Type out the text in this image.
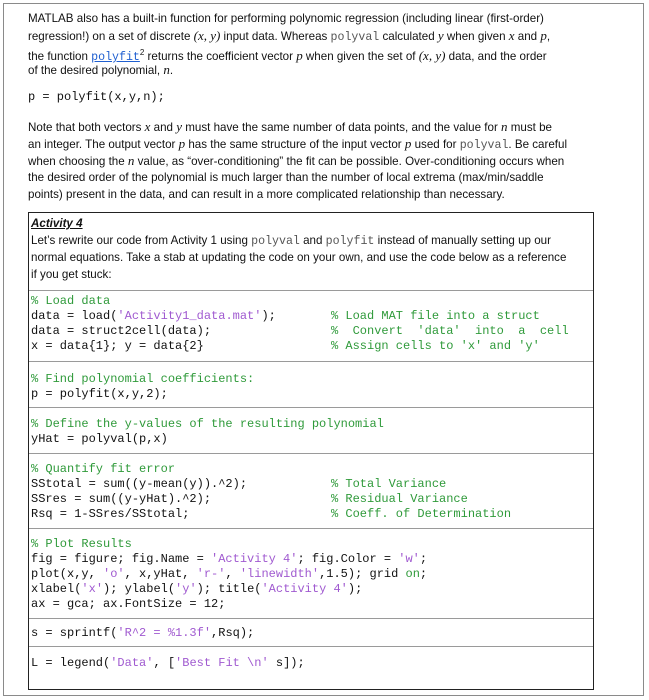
MATLAB also has a built-in function for performing polynomic regression (including linear (first-order)
regression!) on a set of discrete (x, y) input data. Whereas polyval calculated y when given x and p,
the function polyfit$^2$ returns the coefficient vector p when given the set of (x, y) data, and the order
of the desired polynomial, n.
p = polyfit(x,y,n);
Note that both vectors x and y must have the same number of data points, and the value for n must be
an integer. The output vector p has the same structure of the input vector p used for polyval. Be careful
when choosing the n value, as “over-conditioning” the fit can be possible. Over-conditioning occurs when
the desired order of the polynomial is much larger than the number of local extrema (max/min/saddle
points) present in the data, and can result in a more complicated relationship than necessary.
Activity 4
Let’s rewrite our code from Activity 1 using polyval and polyfit instead of manually setting up our
normal equations. Take a stab at updating the code on your own, and use the code below as a reference
if you get stuck:
% Load data
data = load('Activity1_data.mat');	% Load MAT file into a struct
data = struct2cell(data);	%  Convert  'data'  into  a  cell
x = data{1}; y = data{2}	% Assign cells to 'x' and 'y'
% Find polynomial coefficients:
p = polyfit(x,y,2);
% Define the y-values of the resulting polynomial
yHat = polyval(p,x)
% Quantify fit error
SStotal = sum((y-mean(y)).^2);	% Total Variance
SSres = sum((y-yHat).^2);	% Residual Variance
Rsq = 1-SSres/SStotal;	% Coeff. of Determination
% Plot Results
fig = figure; fig.Name = 'Activity 4'; fig.Color = 'w';
plot(x,y, 'o', x,yHat, 'r-', 'linewidth',1.5); grid on;
xlabel('x'); ylabel('y'); title('Activity 4');
ax = gca; ax.FontSize = 12;
s = sprintf('R^2 = %1.3f',Rsq);
L = legend('Data', ['Best Fit \n' s]);
